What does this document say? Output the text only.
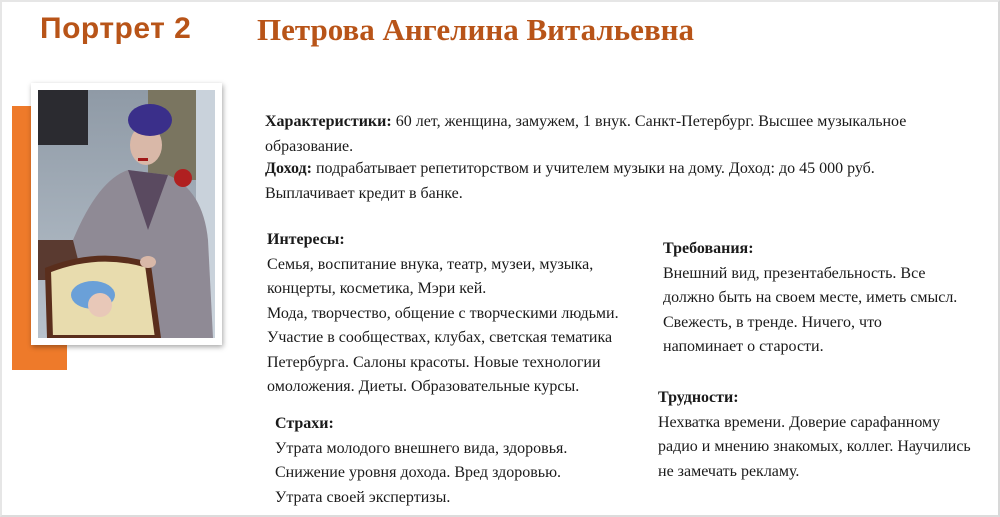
Портрет 2 Петрова Ангелина Витальевна
Характеристики: 60 лет, женщина, замужем, 1 внук. Санкт-Петербург. Высшее музыкальное образование.
Доход: подрабатывает репетиторством и учителем музыки на дому. Доход: до 45 000 руб. Выплачивает кредит в банке.
Интересы:
Семья, воспитание внука, театр, музеи, музыка,
концерты, косметика, Мэри кей.
Мода, творчество, общение с творческими людьми.
Участие в сообществах, клубах, светская тематика
Петербурга. Салоны красоты. Новые технологии
омоложения. Диеты. Образовательные курсы.
Требования:
Внешний вид, презентабельность. Все
должно быть на своем месте, иметь смысл.
Свежесть, в тренде. Ничего, что
напоминает о старости.
Страхи:
Утрата молодого внешнего вида, здоровья.
Снижение уровня дохода. Вред здоровью.
Утрата своей экспертизы.
Трудности:
Нехватка времени. Доверие сарафанному
радио и мнению знакомых, коллег. Научились
не замечать рекламу.
